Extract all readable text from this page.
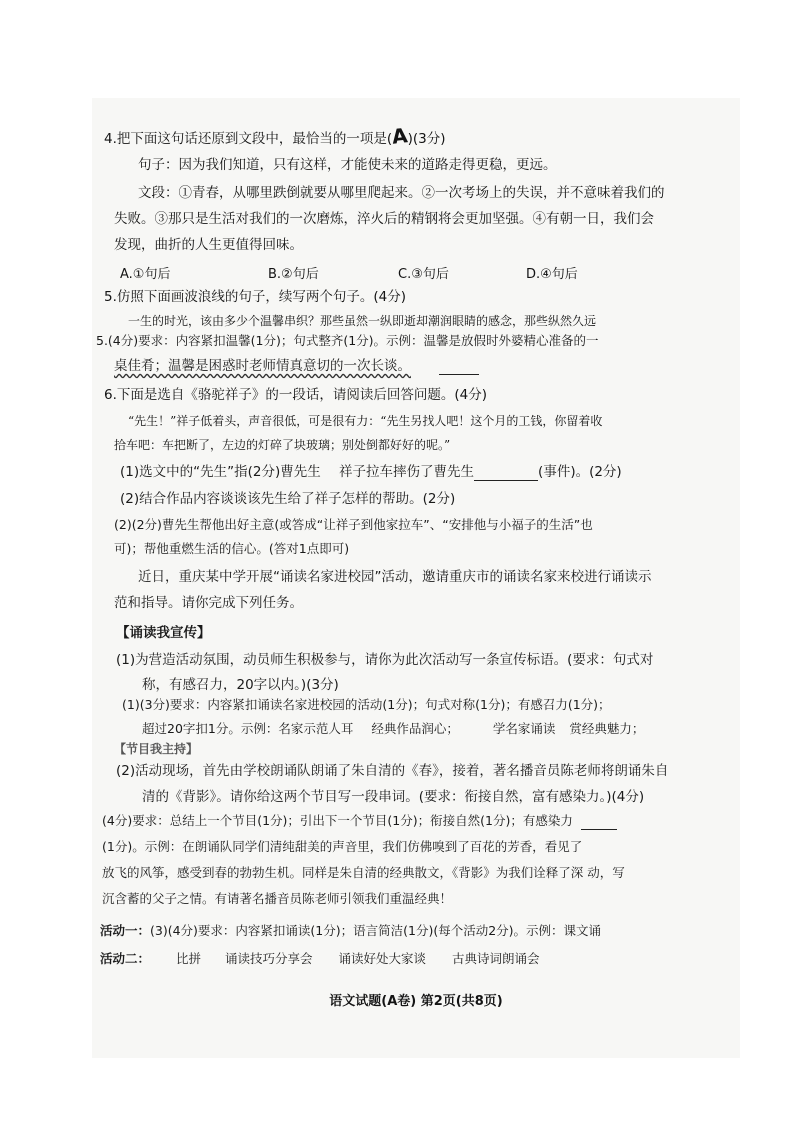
4.把下面这句话还原到文段中，最恰当的一项是(A)(3分)
句子：因为我们知道，只有这样，才能使未来的道路走得更稳，更远。
文段：①青春，从哪里跌倒就要从哪里爬起来。②一次考场上的失误，并不意味着我们的
失败。③那只是生活对我们的一次磨炼，淬火后的精钢将会更加坚强。④有朝一日，我们会
发现，曲折的人生更值得回味。
A.①句后	B.②句后	C.③句后	D.④句后
5.仿照下面画波浪线的句子，续写两个句子。(4分)
一生的时光，该由多少个温馨串织？那些虽然一纵即逝却潮润眼睛的感念，那些纵然久远
5.(4分)要求：内容紧扣温馨(1分)；句式整齐(1分)。示例：温馨是放假时外婆精心准备的一
桌佳肴；温馨是困惑时老师情真意切的一次长谈。
6.下面是选自《骆驼祥子》的一段话，请阅读后回答问题。(4分)
“先生！”祥子低着头，声音很低，可是很有力：“先生另找人吧！这个月的工钱，你留着收
拾车吧：车把断了，左边的灯碎了块玻璃；别处倒都好好的呢。”
(1)选文中的“先生”指(2分)曹先生 祥子拉车摔伤了曹先生	(事件)。(2分)
(2)结合作品内容谈谈该先生给了祥子怎样的帮助。(2分)
(2)(2分)曹先生帮他出好主意(或答成“让祥子到他家拉车”、“安排他与小福子的生活”也
可)；帮他重燃生活的信心。(答对1点即可)
近日，重庆某中学开展“诵读名家进校园”活动，邀请重庆市的诵读名家来校进行诵读示
范和指导。请你完成下列任务。
【诵读我宣传】
(1)为营造活动氛围，动员师生积极参与，请你为此次活动写一条宣传标语。(要求：句式对
称，有感召力，20字以内。)(3分)
(1)(3分)要求：内容紧扣诵读名家进校园的活动(1分)；句式对称(1分)；有感召力(1分)；
超过20字扣1分。示例：名家示范人耳 经典作品润心；	学名家诵读 赏经典魅力；
【节目我主持】
(2)活动现场，首先由学校朗诵队朗诵了朱自清的《春》，接着，著名播音员陈老师将朗诵朱自
清的《背影》。请你给这两个节目写一段串词。(要求：衔接自然，富有感染力。)(4分)
(4分)要求：总结上一个节目(1分)；引出下一个节目(1分)；衔接自然(1分)；有感染力
(1分)。示例：在朗诵队同学们清纯甜美的声音里，我们仿佛嗅到了百花的芳香，看见了
放飞的风筝，感受到春的勃勃生机。同样是朱自清的经典散文，《背影》为我们诠释了深 动，写
沉含蓄的父子之情。有请著名播音员陈老师引领我们重温经典！
活动一：(3)(4分)要求：内容紧扣诵读(1分)；语言简洁(1分)(每个活动2分)。示例：课文诵
活动二： 比拼 诵读技巧分享会 诵读好处大家谈 古典诗词朗诵会
语文试题(A卷) 第2页(共8页)
